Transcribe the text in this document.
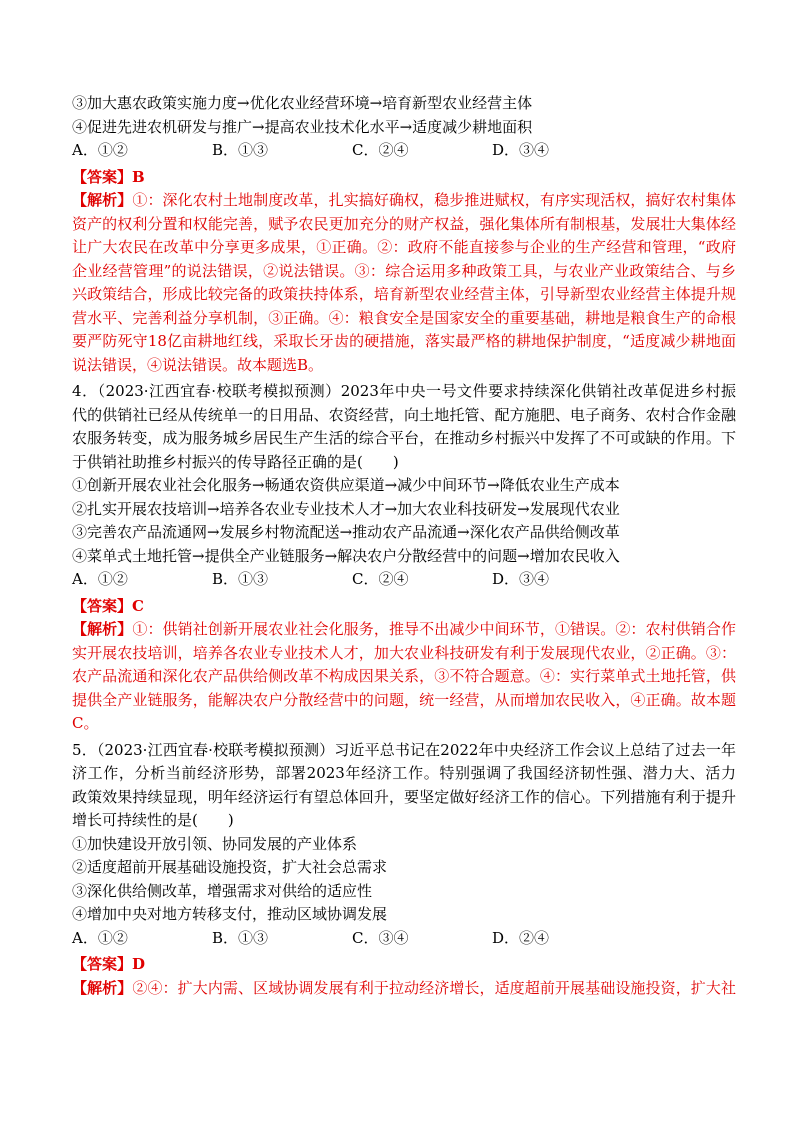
③加大惠农政策实施力度→优化农业经营环境→培育新型农业经营主体
④促进先进农机研发与推广→提高农业技术化水平→适度减少耕地面积
A．①②	B．①③	C．②④	D．③④
【答案】B
【解析】①：深化农村土地制度改革，扎实搞好确权，稳步推进赋权，有序实现活权，搞好农村集体
资产的权利分置和权能完善，赋予农民更加充分的财产权益，强化集体所有制根基，发展壮大集体经
让广大农民在改革中分享更多成果，①正确。②：政府不能直接参与企业的生产经营和管理，“政府
企业经营管理”的说法错误，②说法错误。③：综合运用多种政策工具，与农业产业政策结合、与乡
兴政策结合，形成比较完备的政策扶持体系，培育新型农业经营主体，引导新型农业经营主体提升规
营水平、完善利益分享机制，③正确。④：粮食安全是国家安全的重要基础，耕地是粮食生产的命根
要严防死守18亿亩耕地红线，采取长牙齿的硬措施，落实最严格的耕地保护制度，“适度减少耕地面
说法错误，④说法错误。故本题选B。
4．（2023·江西宜春·校联考模拟预测）2023年中央一号文件要求持续深化供销社改革促进乡村振
代的供销社已经从传统单一的日用品、农资经营，向土地托管、配方施肥、电子商务、农村合作金融
农服务转变，成为服务城乡居民生产生活的综合平台，在推动乡村振兴中发挥了不可或缺的作用。下
于供销社助推乡村振兴的传导路径正确的是(　　)
①创新开展农业社会化服务→畅通农资供应渠道→减少中间环节→降低农业生产成本
②扎实开展农技培训→培养各农业专业技术人才→加大农业科技研发→发展现代农业
③完善农产品流通网→发展乡村物流配送→推动农产品流通→深化农产品供给侧改革
④菜单式土地托管→提供全产业链服务→解决农户分散经营中的问题→增加农民收入
A．①②	B．①③	C．②④	D．③④
【答案】C
【解析】①：供销社创新开展农业社会化服务，推导不出减少中间环节，①错误。②：农村供销合作
实开展农技培训，培养各农业专业技术人才，加大农业科技研发有利于发展现代农业，②正确。③：
农产品流通和深化农产品供给侧改革不构成因果关系，③不符合题意。④：实行菜单式土地托管，供
提供全产业链服务，能解决农户分散经营中的问题，统一经营，从而增加农民收入，④正确。故本题
C。
5．（2023·江西宜春·校联考模拟预测）习近平总书记在2022年中央经济工作会议上总结了过去一年
济工作，分析当前经济形势，部署2023年经济工作。特别强调了我国经济韧性强、潜力大、活力
政策效果持续显现，明年经济运行有望总体回升，要坚定做好经济工作的信心。下列措施有利于提升
增长可持续性的是(　　)
①加快建设开放引领、协同发展的产业体系
②适度超前开展基础设施投资，扩大社会总需求
③深化供给侧改革，增强需求对供给的适应性
④增加中央对地方转移支付，推动区域协调发展
A．①②	B．①③	C．③④	D．②④
【答案】D
【解析】②④：扩大内需、区域协调发展有利于拉动经济增长，适度超前开展基础设施投资，扩大社
